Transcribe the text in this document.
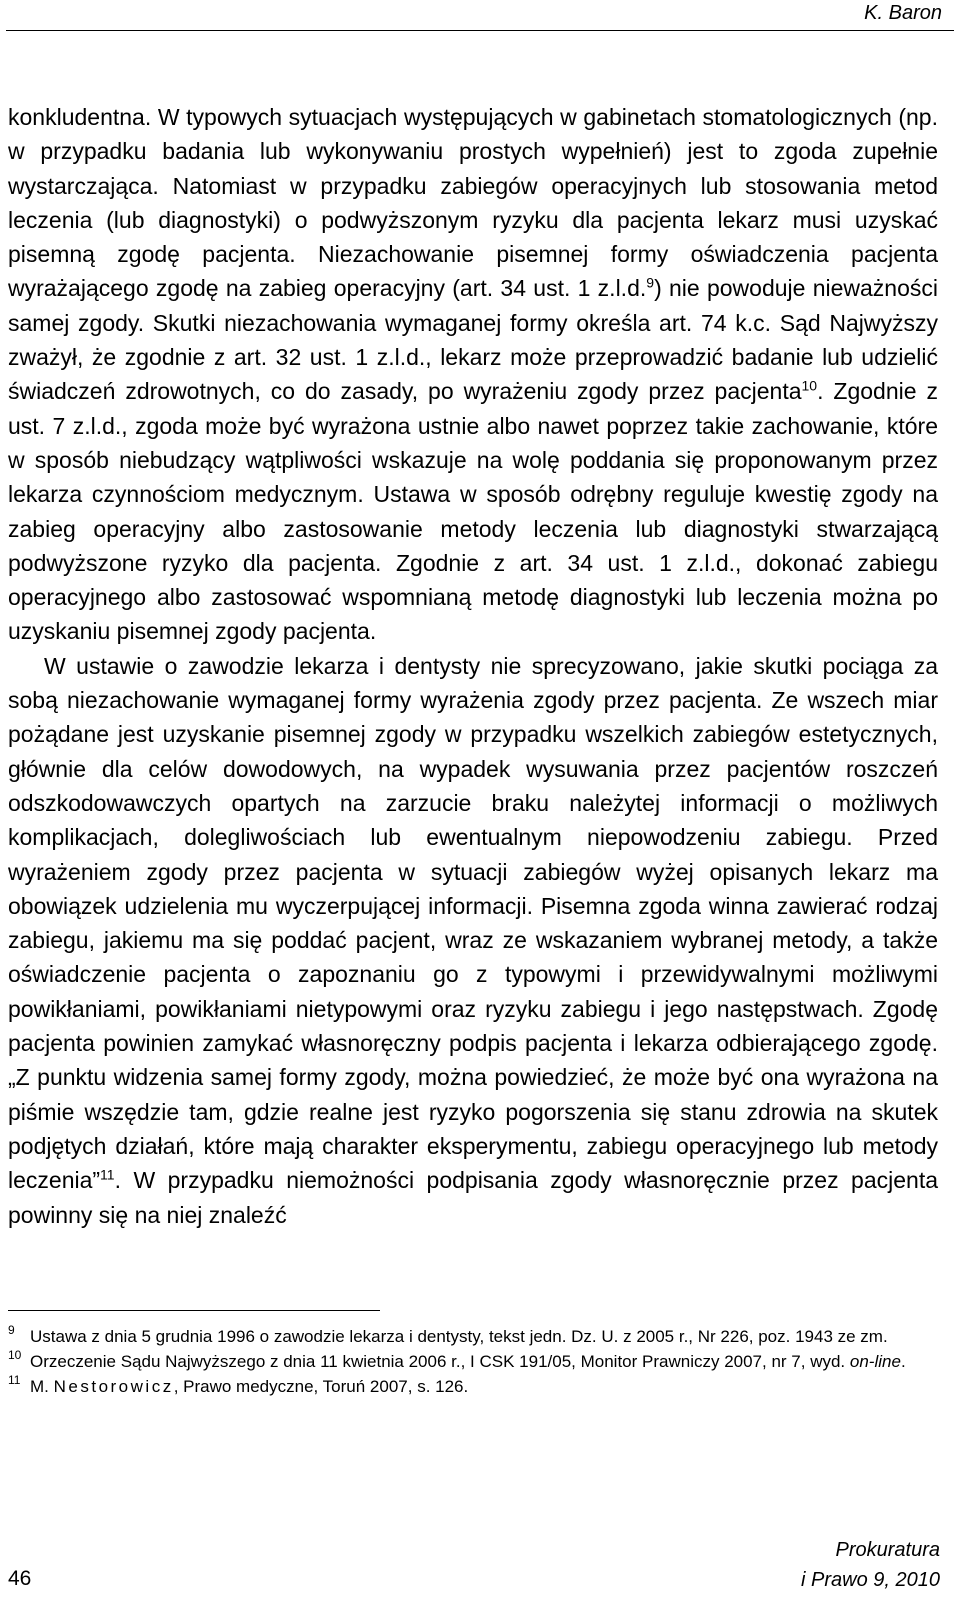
K. Baron

konkludentna. W typowych sytuacjach występujących w gabinetach stomatologicznych (np. w przypadku badania lub wykonywaniu prostych wypełnień) jest to zgoda zupełnie wystarczająca. Natomiast w przypadku zabiegów operacyjnych lub stosowania metod leczenia (lub diagnostyki) o podwyższonym ryzyku dla pacjenta lekarz musi uzyskać pisemną zgodę pacjenta. Niezachowanie pisemnej formy oświadczenia pacjenta wyrażającego zgodę na zabieg operacyjny (art. 34 ust. 1 z.l.d.$^9$) nie powoduje nieważności samej zgody. Skutki niezachowania wymaganej formy określa art. 74 k.c. Sąd Najwyższy zważył, że zgodnie z art. 32 ust. 1 z.l.d., lekarz może przeprowadzić badanie lub udzielić świadczeń zdrowotnych, co do zasady, po wyrażeniu zgody przez pacjenta$^{10}$. Zgodnie z ust. 7 z.l.d., zgoda może być wyrażona ustnie albo nawet poprzez takie zachowanie, które w sposób niebudzący wątpliwości wskazuje na wolę poddania się proponowanym przez lekarza czynnościom medycznym. Ustawa w sposób odrębny reguluje kwestię zgody na zabieg operacyjny albo zastosowanie metody leczenia lub diagnostyki stwarzającą podwyższone ryzyko dla pacjenta. Zgodnie z art. 34 ust. 1 z.l.d., dokonać zabiegu operacyjnego albo zastosować wspomnianą metodę diagnostyki lub leczenia można po uzyskaniu pisemnej zgody pacjenta.

W ustawie o zawodzie lekarza i dentysty nie sprecyzowano, jakie skutki pociąga za sobą niezachowanie wymaganej formy wyrażenia zgody przez pacjenta. Ze wszech miar pożądane jest uzyskanie pisemnej zgody w przypadku wszelkich zabiegów estetycznych, głównie dla celów dowodowych, na wypadek wysuwania przez pacjentów roszczeń odszkodowawczych opartych na zarzucie braku należytej informacji o możliwych komplikacjach, dolegliwościach lub ewentualnym niepowodzeniu zabiegu. Przed wyrażeniem zgody przez pacjenta w sytuacji zabiegów wyżej opisanych lekarz ma obowiązek udzielenia mu wyczerpującej informacji. Pisemna zgoda winna zawierać rodzaj zabiegu, jakiemu ma się poddać pacjent, wraz ze wskazaniem wybranej metody, a także oświadczenie pacjenta o zapoznaniu go z typowymi i przewidywalnymi możliwymi powikłaniami, powikłaniami nietypowymi oraz ryzyku zabiegu i jego następstwach. Zgodę pacjenta powinien zamykać własnoręczny podpis pacjenta i lekarza odbierającego zgodę. „Z punktu widzenia samej formy zgody, można powiedzieć, że może być ona wyrażona na piśmie wszędzie tam, gdzie realne jest ryzyko pogorszenia się stanu zdrowia na skutek podjętych działań, które mają charakter eksperymentu, zabiegu operacyjnego lub metody leczenia”$^{11}$. W przypadku niemożności podpisania zgody własnoręcznie przez pacjenta powinny się na niej znaleźć

9 Ustawa z dnia 5 grudnia 1996 o zawodzie lekarza i dentysty, tekst jedn. Dz. U. z 2005 r., Nr 226, poz. 1943 ze zm.
10 Orzeczenie Sądu Najwyższego z dnia 11 kwietnia 2006 r., I CSK 191/05, Monitor Prawniczy 2007, nr 7, wyd. on-line.
11 M. Nestorowicz, Prawo medyczne, Toruń 2007, s. 126.
46
Prokuratura
i Prawo 9, 2010
